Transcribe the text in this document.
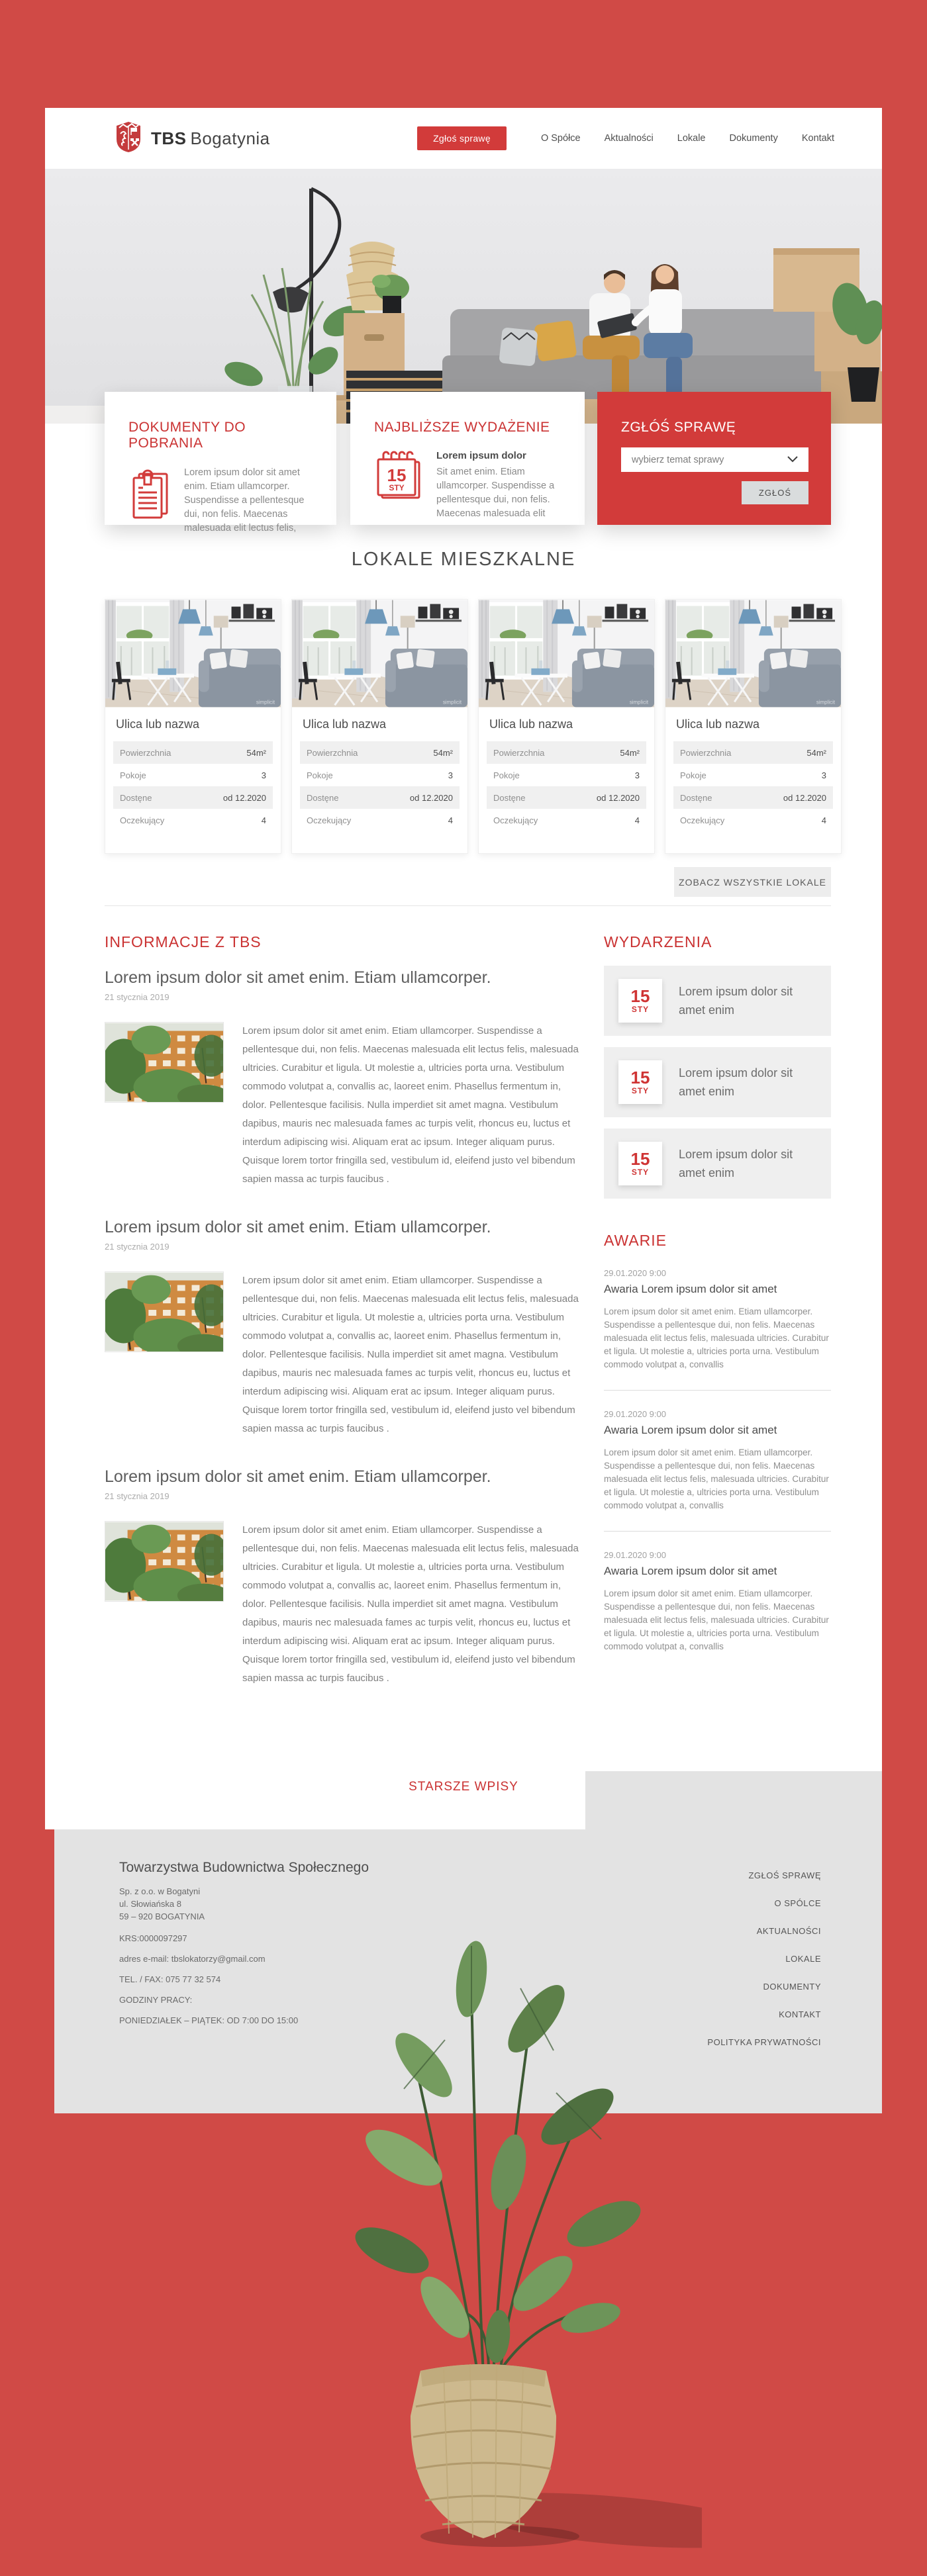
TBS Bogatynia	Zgłoś sprawę	O Spółce Aktualności Lokale Dokumenty Kontakt
DOKUMENTY DO POBRANIA

Lorem ipsum dolor sit amet enim. Etiam ullamcorper. Suspendisse a pellentesque dui, non felis. Maecenas malesuada elit lectus felis,

NAJBLIŻSZE WYDAŻENIE
15
STY

Lorem ipsum dolor

Sit amet enim. Etiam ullamcorper. Suspendisse a pellentesque dui, non felis. Maecenas malesuada elit

ZGŁÓŚ SPRAWĘ
wybierz temat sprawy
ZGŁOŚ
LOKALE MIESZKALNE
simplicit
Ulica lub nazwa
Powierzchnia	54m²
Pokoje	3
Dostęne	od 12.2020
Oczekujący	4
simplicit
Ulica lub nazwa
Powierzchnia	54m²
Pokoje	3
Dostęne	od 12.2020
Oczekujący	4
simplicit
Ulica lub nazwa
Powierzchnia	54m²
Pokoje	3
Dostęne	od 12.2020
Oczekujący	4
simplicit
Ulica lub nazwa
Powierzchnia	54m²
Pokoje	3
Dostęne	od 12.2020
Oczekujący	4
ZOBACZ WSZYSTKIE LOKALE
INFORMACJE Z TBS
Lorem ipsum dolor sit amet enim. Etiam ullamcorper.
21 stycznia 2019

Lorem ipsum dolor sit amet enim. Etiam ullamcorper. Suspendisse a pellentesque dui, non felis. Maecenas malesuada elit lectus felis, malesuada ultricies. Curabitur et ligula. Ut molestie a, ultricies porta urna. Vestibulum commodo volutpat a, convallis ac, laoreet enim. Phasellus fermentum in, dolor. Pellentesque facilisis. Nulla imperdiet sit amet magna. Vestibulum dapibus, mauris nec malesuada fames ac turpis velit, rhoncus eu, luctus et interdum adipiscing wisi. Aliquam erat ac ipsum. Integer aliquam purus. Quisque lorem tortor fringilla sed, vestibulum id, eleifend justo vel bibendum sapien massa ac turpis faucibus .

Lorem ipsum dolor sit amet enim. Etiam ullamcorper.
21 stycznia 2019

Lorem ipsum dolor sit amet enim. Etiam ullamcorper. Suspendisse a pellentesque dui, non felis. Maecenas malesuada elit lectus felis, malesuada ultricies. Curabitur et ligula. Ut molestie a, ultricies porta urna. Vestibulum commodo volutpat a, convallis ac, laoreet enim. Phasellus fermentum in, dolor. Pellentesque facilisis. Nulla imperdiet sit amet magna. Vestibulum dapibus, mauris nec malesuada fames ac turpis velit, rhoncus eu, luctus et interdum adipiscing wisi. Aliquam erat ac ipsum. Integer aliquam purus. Quisque lorem tortor fringilla sed, vestibulum id, eleifend justo vel bibendum sapien massa ac turpis faucibus .

Lorem ipsum dolor sit amet enim. Etiam ullamcorper.
21 stycznia 2019

Lorem ipsum dolor sit amet enim. Etiam ullamcorper. Suspendisse a pellentesque dui, non felis. Maecenas malesuada elit lectus felis, malesuada ultricies. Curabitur et ligula. Ut molestie a, ultricies porta urna. Vestibulum commodo volutpat a, convallis ac, laoreet enim. Phasellus fermentum in, dolor. Pellentesque facilisis. Nulla imperdiet sit amet magna. Vestibulum dapibus, mauris nec malesuada fames ac turpis velit, rhoncus eu, luctus et interdum adipiscing wisi. Aliquam erat ac ipsum. Integer aliquam purus. Quisque lorem tortor fringilla sed, vestibulum id, eleifend justo vel bibendum sapien massa ac turpis faucibus .

WYDARZENIA
15
STY
Lorem ipsum dolor sit amet enim
15
STY
Lorem ipsum dolor sit amet enim
15
STY
Lorem ipsum dolor sit amet enim
AWARIE
29.01.2020 9:00
Awaria Lorem ipsum dolor sit amet
Lorem ipsum dolor sit amet enim. Etiam ullamcorper. Suspendisse a pellentesque dui, non felis. Maecenas malesuada elit lectus felis, malesuada ultricies. Curabitur et ligula. Ut molestie a, ultricies porta urna. Vestibulum commodo volutpat a, convallis
29.01.2020 9:00
Awaria Lorem ipsum dolor sit amet
Lorem ipsum dolor sit amet enim. Etiam ullamcorper. Suspendisse a pellentesque dui, non felis. Maecenas malesuada elit lectus felis, malesuada ultricies. Curabitur et ligula. Ut molestie a, ultricies porta urna. Vestibulum commodo volutpat a, convallis
29.01.2020 9:00
Awaria Lorem ipsum dolor sit amet
Lorem ipsum dolor sit amet enim. Etiam ullamcorper. Suspendisse a pellentesque dui, non felis. Maecenas malesuada elit lectus felis, malesuada ultricies. Curabitur et ligula. Ut molestie a, ultricies porta urna. Vestibulum commodo volutpat a, convallis
STARSZE WPISY
Towarzystwa Budownictwa Społecznego
Sp. z o.o. w Bogatyni
ul. Słowiańska 8
59 – 920 BOGATYNIA
KRS:0000097297
adres e-mail: tbslokatorzy@gmail.com
TEL. / FAX: 075 77 32 574
GODZINY PRACY:
PONIEDZIAŁEK – PIĄTEK: OD 7:00 DO 15:00
ZGŁOŚ SPRAWĘ
O SPÓLCE
AKTUALNOŚCI
LOKALE
DOKUMENTY
KONTAKT
POLITYKA PRYWATNOŚCI
